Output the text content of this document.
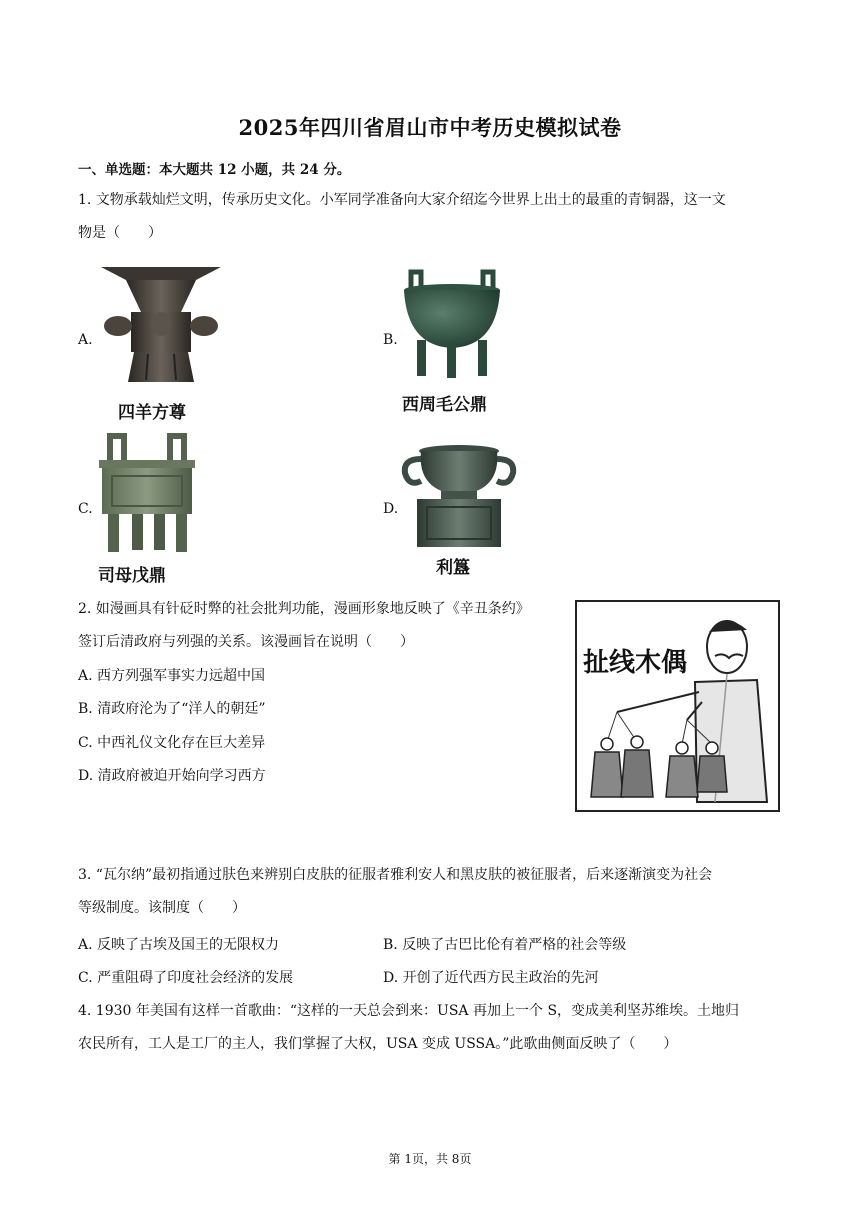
2025年四川省眉山市中考历史模拟试卷
一、单选题：本大题共 12 小题，共 24 分。
1. 文物承载灿烂文明，传承历史文化。小军同学准备向大家介绍迄今世界上出土的最重的青铜器，这一文
物是（　　）
A.
四羊方尊
B.
西周毛公鼎
C.
司母戊鼎
D.
利簋
2. 如漫画具有针砭时弊的社会批判功能，漫画形象地反映了《辛丑条约》
签订后清政府与列强的关系。该漫画旨在说明（　　）
A. 西方列强军事实力远超中国
B. 清政府沦为了“洋人的朝廷”
C. 中西礼仪文化存在巨大差异
D. 清政府被迫开始向学习西方
扯线木偶
3. “瓦尔纳”最初指通过肤色来辨别白皮肤的征服者雅利安人和黑皮肤的被征服者，后来逐渐演变为社会
等级制度。该制度（　　）
A. 反映了古埃及国王的无限权力	B. 反映了古巴比伦有着严格的社会等级
C. 严重阻碍了印度社会经济的发展	D. 开创了近代西方民主政治的先河
4. 1930 年美国有这样一首歌曲：“这样的一天总会到来：USA 再加上一个 S，变成美利坚苏维埃。土地归
农民所有，工人是工厂的主人，我们掌握了大权，USA 变成 USSA。”此歌曲侧面反映了（　　）
第 1页，共 8页
